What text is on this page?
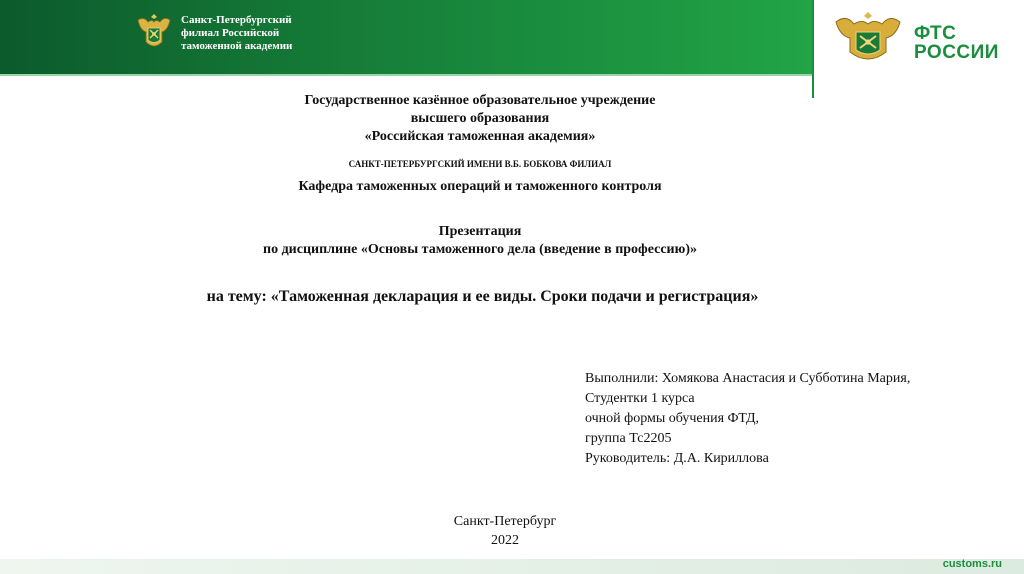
Санкт-Петербургский
филиал Российской
таможенной академии
ФТС
РОССИИ
Государственное казённое образовательное учреждение
высшего образования
«Российская таможенная академия»
САНКТ-ПЕТЕРБУРГСКИЙ ИМЕНИ В.Б. БОБКОВА ФИЛИАЛ
Кафедра таможенных операций и таможенного контроля
Презентация
по дисциплине «Основы таможенного дела (введение в профессию)»
на тему: «Таможенная декларация и ее виды. Сроки подачи и регистрация»
Выполнили: Хомякова Анастасия и Субботина Мария,
Студентки 1 курса
очной формы обучения ФТД,
группа Тс2205
Руководитель: Д.А. Кириллова
Санкт-Петербург
2022
customs.ru
